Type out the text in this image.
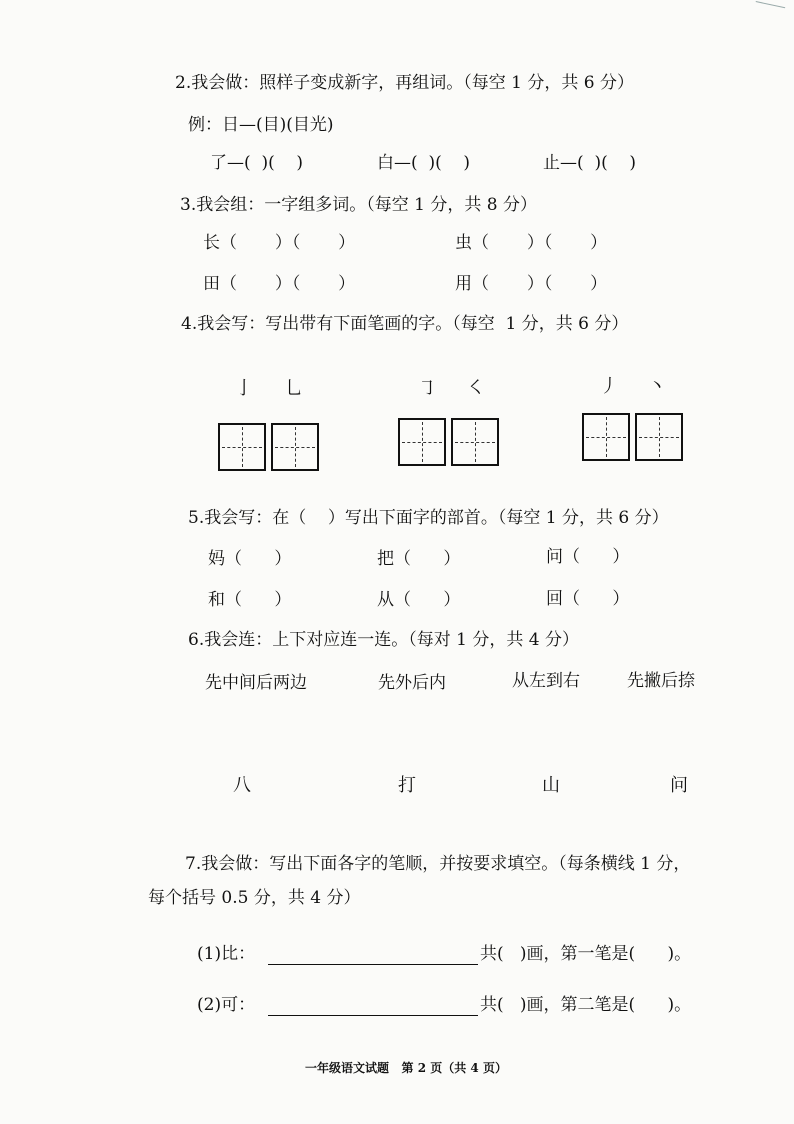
2.我会做：照样子变成新字，再组词。（每空 1 分，共 6 分）
例：日—(目)(目光)
了—(  )(    )	白—(  )(    )	止—(  )(    )
3.我会组：一字组多词。（每空 1 分，共 8 分）
长（       ）（       ）	虫（       ）（       ）
田（       ）（       ）	用（       ）（       ）
4.我会写：写出带有下面笔画的字。（每空  1 分，共 6 分）
亅 乚	㇆ ㇛	丿 丶
5.我会写：在（    ）写出下面字的部首。（每空 1 分，共 6 分）
妈（      ）	把（      ）	问（      ）
和（      ）	从（      ）	回（      ）
6.我会连：上下对应连一连。（每对 1 分，共 4 分）
先中间后两边	先外后内	从左到右	先撇后捺
八	打	山	问
7.我会做：写出下面各字的笔顺，并按要求填空。（每条横线 1 分，
每个括号 0.5 分，共 4 分）
(1)比：	共(   )画，第一笔是(      )。
(2)可：	共(   )画，第二笔是(      )。
一年级语文试题   第 2 页（共 4 页）
